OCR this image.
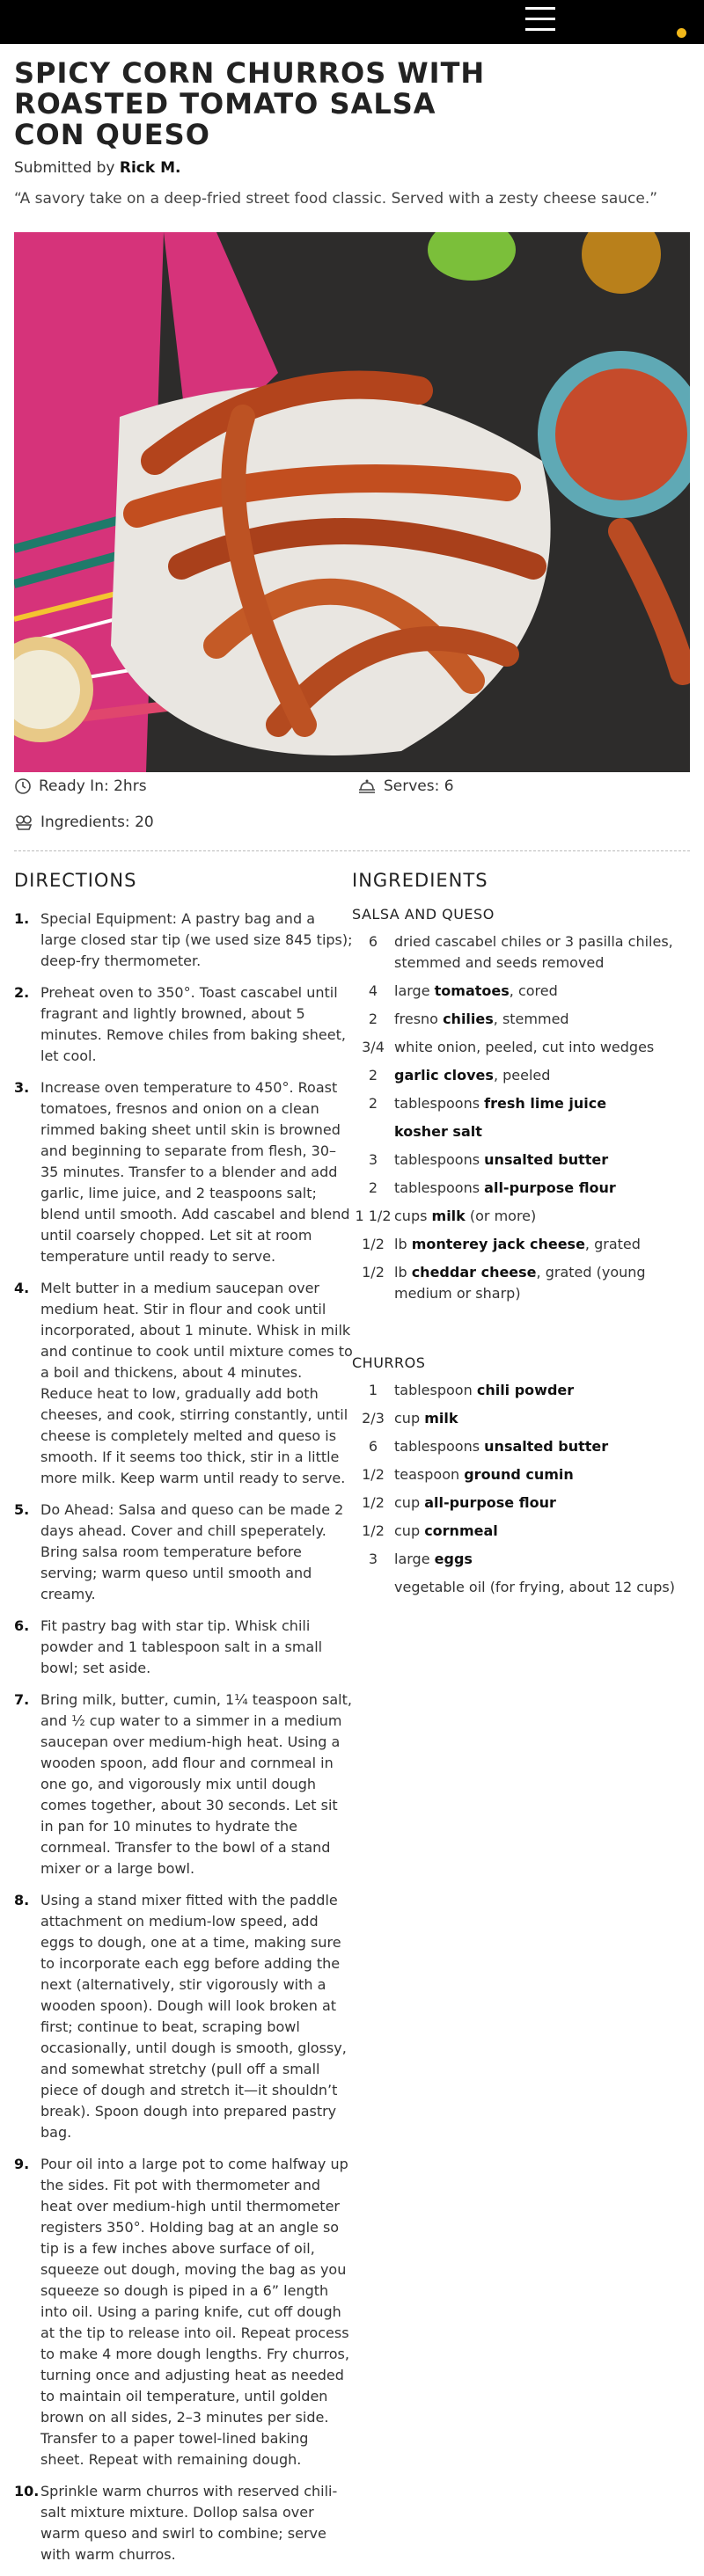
SPICY CORN CHURROS WITH ROASTED TOMATO SALSA CON QUESO
Submitted by Rick M.
“A savory take on a deep-fried street food classic. Served with a zesty cheese sauce.”
Ready In:
2hrs	Serves:
6
Ingredients:
20
DIRECTIONS	INGREDIENTS
1. Special Equipment: A pastry bag and a large closed star tip (we used size 845 tips); deep-fry thermometer.
2. Preheat oven to 350°. Toast cascabel until fragrant and lightly browned, about 5 minutes. Remove chiles from baking sheet, let cool.
3. Increase oven temperature to 450°. Roast tomatoes, fresnos and onion on a clean rimmed baking sheet until skin is browned and beginning to separate from flesh, 30–35 minutes. Transfer to a blender and add garlic, lime juice, and 2 teaspoons salt; blend until smooth. Add cascabel and blend until coarsely chopped. Let sit at room temperature until ready to serve.
4. Melt butter in a medium saucepan over medium heat. Stir in flour and cook until incorporated, about 1 minute. Whisk in milk and continue to cook until mixture comes to a boil and thickens, about 4 minutes. Reduce heat to low, gradually add both cheeses, and cook, stirring constantly, until cheese is completely melted and queso is smooth. If it seems too thick, stir in a little more milk. Keep warm until ready to serve.
5. Do Ahead: Salsa and queso can be made 2 days ahead. Cover and chill speperately. Bring salsa room temperature before serving; warm queso until smooth and creamy.
6. Fit pastry bag with star tip. Whisk chili powder and 1 tablespoon salt in a small bowl; set aside.
7. Bring milk, butter, cumin, 1¼ teaspoon salt, and ½ cup water to a simmer in a medium saucepan over medium-high heat. Using a wooden spoon, add flour and cornmeal in one go, and vigorously mix until dough comes together, about 30 seconds. Let sit in pan for 10 minutes to hydrate the cornmeal. Transfer to the bowl of a stand mixer or a large bowl.
8. Using a stand mixer fitted with the paddle attachment on medium-low speed, add eggs to dough, one at a time, making sure to incorporate each egg before adding the next (alternatively, stir vigorously with a wooden spoon). Dough will look broken at first; continue to beat, scraping bowl occasionally, until dough is smooth, glossy, and somewhat stretchy (pull off a small piece of dough and stretch it—it shouldn’t break). Spoon dough into prepared pastry bag.
9. Pour oil into a large pot to come halfway up the sides. Fit pot with thermometer and heat over medium-high until thermometer registers 350°. Holding bag at an angle so tip is a few inches above surface of oil, squeeze out dough, moving the bag as you squeeze so dough is piped in a 6” length into oil. Using a paring knife, cut off dough at the tip to release into oil. Repeat process to make 4 more dough lengths. Fry churros, turning once and adjusting heat as needed to maintain oil temperature, until golden brown on all sides, 2–3 minutes per side. Transfer to a paper towel-lined baking sheet. Repeat with remaining dough.
10. Sprinkle warm churros with reserved chili-salt mixture mixture. Dollop salsa over warm queso and swirl to combine; serve with warm churros.
SALSA AND QUESO
6	dried cascabel chiles or 3 pasilla chiles, stemmed and seeds removed
4	large tomatoes, cored
2	fresno chilies, stemmed
3/4 white onion, peeled, cut into wedges
2	garlic cloves, peeled
2	tablespoons fresh lime juice
kosher salt
3	tablespoons unsalted butter
2	tablespoons all-purpose flour
1 1/2 cups milk (or more)
1/2 lb monterey jack cheese, grated
1/2 lb cheddar cheese, grated (young medium or sharp)
CHURROS
1	tablespoon chili powder
2/3 cup milk
6	tablespoons unsalted butter
1/2 teaspoon ground cumin
1/2 cup all-purpose flour
1/2 cup cornmeal
3	large eggs
vegetable oil (for frying, about 12 cups)
